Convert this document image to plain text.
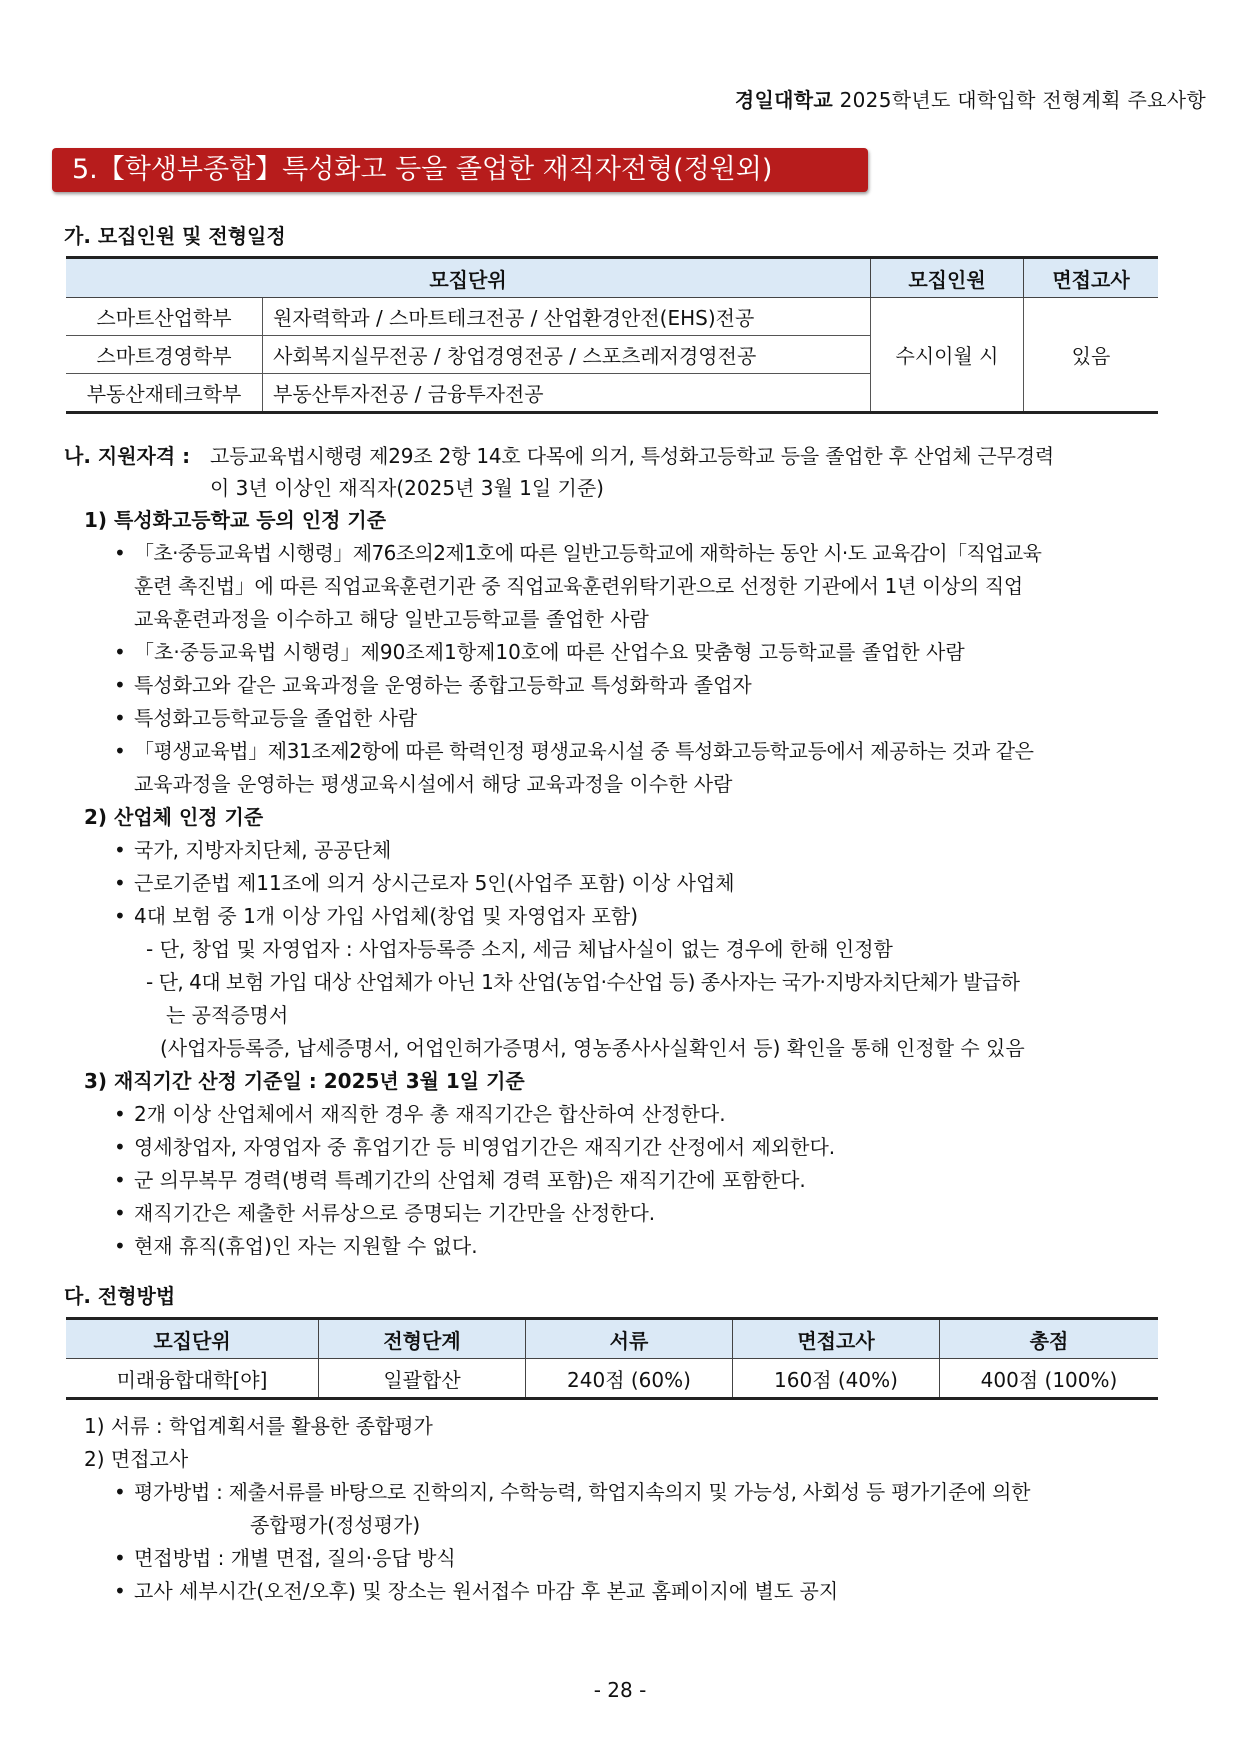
경일대학교 2025학년도 대학입학 전형계획 주요사항
5.【학생부종합】특성화고 등을 졸업한 재직자전형(정원외)
가. 모집인원 및 전형일정
모집단위		모집인원	면접고사
스마트산업학부	원자력학과 / 스마트테크전공 / 산업환경안전(EHS)전공	수시이월 시	있음
스마트경영학부	사회복지실무전공 / 창업경영전공 / 스포츠레저경영전공		
부동산재테크학부	부동산투자전공 / 금융투자전공		
나. 지원자격 : 고등교육법시행령 제29조 2항 14호 다목에 의거, 특성화고등학교 등을 졸업한 후 산업체 근무경력
이 3년 이상인 재직자(2025년 3월 1일 기준)
1) 특성화고등학교 등의 인정 기준
• 「초·중등교육법 시행령」제76조의2제1호에 따른 일반고등학교에 재학하는 동안 시·도 교육감이「직업교육
훈련 촉진법」에 따른 직업교육훈련기관 중 직업교육훈련위탁기관으로 선정한 기관에서 1년 이상의 직업
교육훈련과정을 이수하고 해당 일반고등학교를 졸업한 사람
• 「초·중등교육법 시행령」제90조제1항제10호에 따른 산업수요 맞춤형 고등학교를 졸업한 사람
• 특성화고와 같은 교육과정을 운영하는 종합고등학교 특성화학과 졸업자
• 특성화고등학교등을 졸업한 사람
• 「평생교육법」제31조제2항에 따른 학력인정 평생교육시설 중 특성화고등학교등에서 제공하는 것과 같은
교육과정을 운영하는 평생교육시설에서 해당 교육과정을 이수한 사람
2) 산업체 인정 기준
• 국가, 지방자치단체, 공공단체
• 근로기준법 제11조에 의거 상시근로자 5인(사업주 포함) 이상 사업체
• 4대 보험 중 1개 이상 가입 사업체(창업 및 자영업자 포함)
- 단, 창업 및 자영업자 : 사업자등록증 소지, 세금 체납사실이 없는 경우에 한해 인정함
- 단, 4대 보험 가입 대상 산업체가 아닌 1차 산업(농업·수산업 등) 종사자는 국가·지방자치단체가 발급하
는 공적증명서
(사업자등록증, 납세증명서, 어업인허가증명서, 영농종사사실확인서 등) 확인을 통해 인정할 수 있음
3) 재직기간 산정 기준일 : 2025년 3월 1일 기준
• 2개 이상 산업체에서 재직한 경우 총 재직기간은 합산하여 산정한다.
• 영세창업자, 자영업자 중 휴업기간 등 비영업기간은 재직기간 산정에서 제외한다.
• 군 의무복무 경력(병력 특례기간의 산업체 경력 포함)은 재직기간에 포함한다.
• 재직기간은 제출한 서류상으로 증명되는 기간만을 산정한다.
• 현재 휴직(휴업)인 자는 지원할 수 없다.
다. 전형방법
모집단위	전형단계	서류	면접고사	총점
미래융합대학[야]	일괄합산	240점 (60%)	160점 (40%)	400점 (100%)
1) 서류 : 학업계획서를 활용한 종합평가
2) 면접고사
• 평가방법 : 제출서류를 바탕으로 진학의지, 수학능력, 학업지속의지 및 가능성, 사회성 등 평가기준에 의한
종합평가(정성평가)
• 면접방법 : 개별 면접, 질의·응답 방식
• 고사 세부시간(오전/오후) 및 장소는 원서접수 마감 후 본교 홈페이지에 별도 공지
- 28 -
